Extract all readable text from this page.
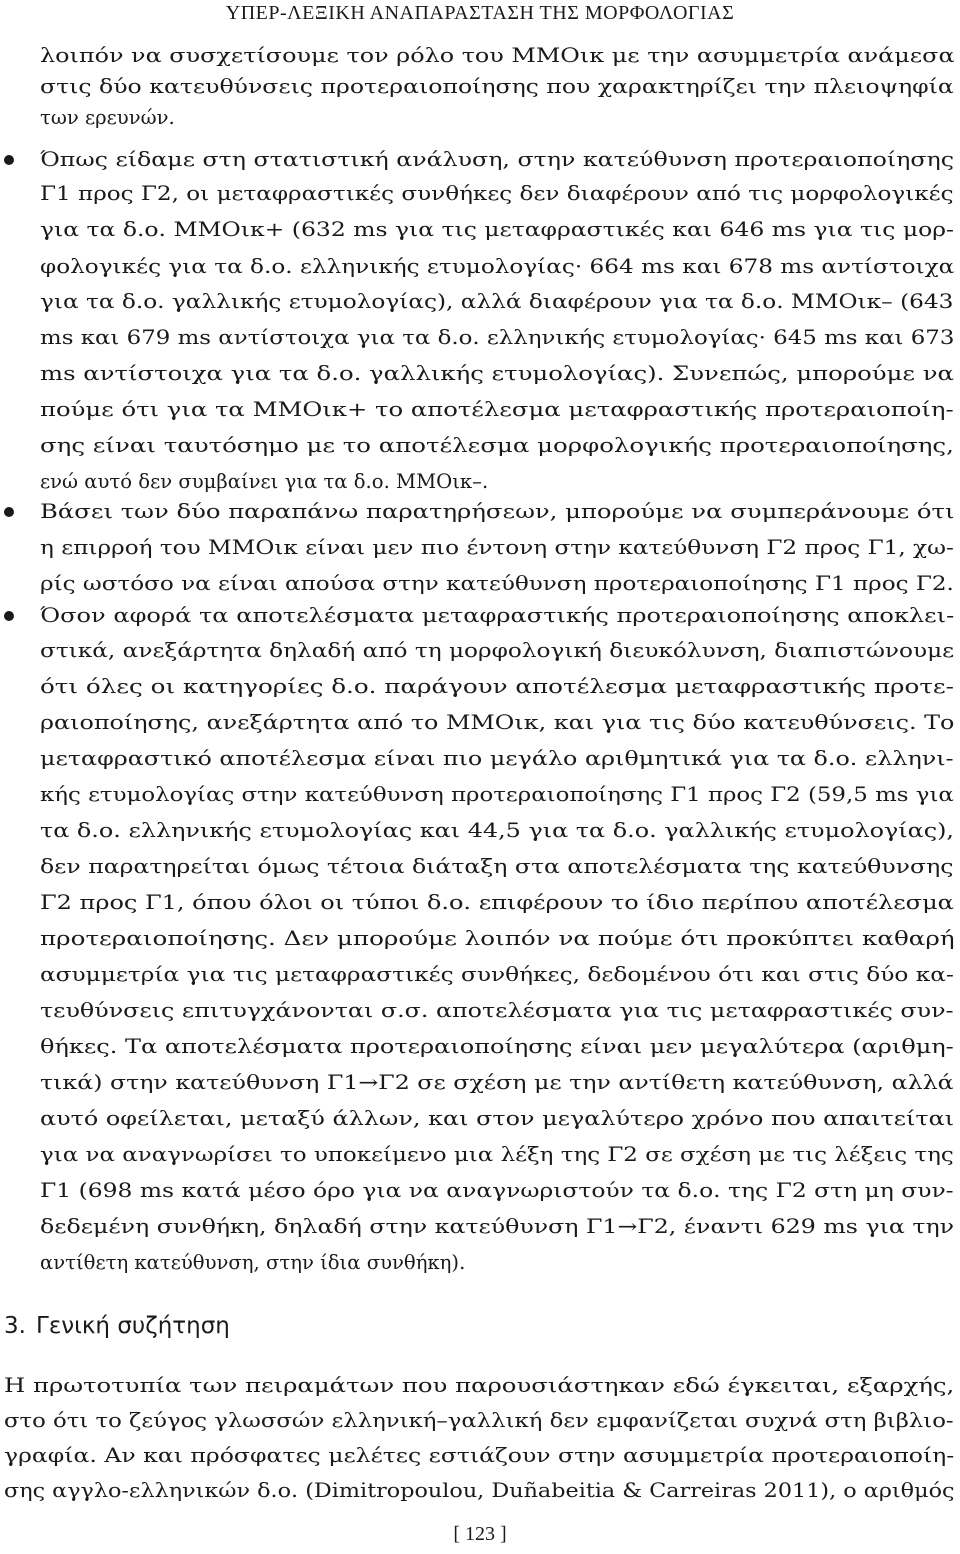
ΥΠΕΡ-ΛΕΞΙΚΗ ΑΝΑΠΑΡΑΣΤΑΣΗ ΤΗΣ ΜΟΡΦΟΛΟΓΙΑΣ
λοιπόν να συσχετίσουμε τον ρόλο του ΜΜΟικ με την ασυμμετρία ανάμεσα
στις δύο κατευθύνσεις προτεραιοποίησης που χαρακτηρίζει την πλειοψηφία
των ερευνών.
Όπως είδαμε στη στατιστική ανάλυση, στην κατεύθυνση προτεραιοποίησης
Γ1 προς Γ2, οι μεταφραστικές συνθήκες δεν διαφέρουν από τις μορφολογικές
για τα δ.ο. ΜΜΟικ+ (632 ms για τις μεταφραστικές και 646 ms για τις μορ-
φολογικές για τα δ.ο. ελληνικής ετυμολογίας· 664 ms και 678 ms αντίστοιχα
για τα δ.ο. γαλλικής ετυμολογίας), αλλά διαφέρουν για τα δ.ο. ΜΜΟικ– (643
ms και 679 ms αντίστοιχα για τα δ.ο. ελληνικής ετυμολογίας· 645 ms και 673
ms αντίστοιχα για τα δ.ο. γαλλικής ετυμολογίας). Συνεπώς, μπορούμε να
πούμε ότι για τα ΜΜΟικ+ το αποτέλεσμα μεταφραστικής προτεραιοποίη-
σης είναι ταυτόσημο με το αποτέλεσμα μορφολογικής προτεραιοποίησης,
ενώ αυτό δεν συμβαίνει για τα δ.ο. ΜΜΟικ–.
Βάσει των δύο παραπάνω παρατηρήσεων, μπορούμε να συμπεράνουμε ότι
η επιρροή του ΜΜΟικ είναι μεν πιο έντονη στην κατεύθυνση Γ2 προς Γ1, χω-
ρίς ωστόσο να είναι απούσα στην κατεύθυνση προτεραιοποίησης Γ1 προς Γ2.
Όσον αφορά τα αποτελέσματα μεταφραστικής προτεραιοποίησης αποκλει-
στικά, ανεξάρτητα δηλαδή από τη μορφολογική διευκόλυνση, διαπιστώνουμε
ότι όλες οι κατηγορίες δ.ο. παράγουν αποτέλεσμα μεταφραστικής προτε-
ραιοποίησης, ανεξάρτητα από το ΜΜΟικ, και για τις δύο κατευθύνσεις. Το
μεταφραστικό αποτέλεσμα είναι πιο μεγάλο αριθμητικά για τα δ.ο. ελληνι-
κής ετυμολογίας στην κατεύθυνση προτεραιοποίησης Γ1 προς Γ2 (59,5 ms για
τα δ.ο. ελληνικής ετυμολογίας και 44,5 για τα δ.ο. γαλλικής ετυμολογίας),
δεν παρατηρείται όμως τέτοια διάταξη στα αποτελέσματα της κατεύθυνσης
Γ2 προς Γ1, όπου όλοι οι τύποι δ.ο. επιφέρουν το ίδιο περίπου αποτέλεσμα
προτεραιοποίησης. Δεν μπορούμε λοιπόν να πούμε ότι προκύπτει καθαρή
ασυμμετρία για τις μεταφραστικές συνθήκες, δεδομένου ότι και στις δύο κα-
τευθύνσεις επιτυγχάνονται σ.σ. αποτελέσματα για τις μεταφραστικές συν-
θήκες. Τα αποτελέσματα προτεραιοποίησης είναι μεν μεγαλύτερα (αριθμη-
τικά) στην κατεύθυνση Γ1→Γ2 σε σχέση με την αντίθετη κατεύθυνση, αλλά
αυτό οφείλεται, μεταξύ άλλων, και στον μεγαλύτερο χρόνο που απαιτείται
για να αναγνωρίσει το υποκείμενο μια λέξη της Γ2 σε σχέση με τις λέξεις της
Γ1 (698 ms κατά μέσο όρο για να αναγνωριστούν τα δ.ο. της Γ2 στη μη συν-
δεδεμένη συνθήκη, δηλαδή στην κατεύθυνση Γ1→Γ2, έναντι 629 ms για την
αντίθετη κατεύθυνση, στην ίδια συνθήκη).
3. Γενική συζήτηση
Η πρωτοτυπία των πειραμάτων που παρουσιάστηκαν εδώ έγκειται, εξαρχής,
στο ότι το ζεύγος γλωσσών ελληνική–γαλλική δεν εμφανίζεται συχνά στη βιβλιο-
γραφία. Αν και πρόσφατες μελέτες εστιάζουν στην ασυμμετρία προτεραιοποίη-
σης αγγλο-ελληνικών δ.ο. (Dimitropoulou, Duñabeitia & Carreiras 2011), ο αριθμός
[ 123 ]
